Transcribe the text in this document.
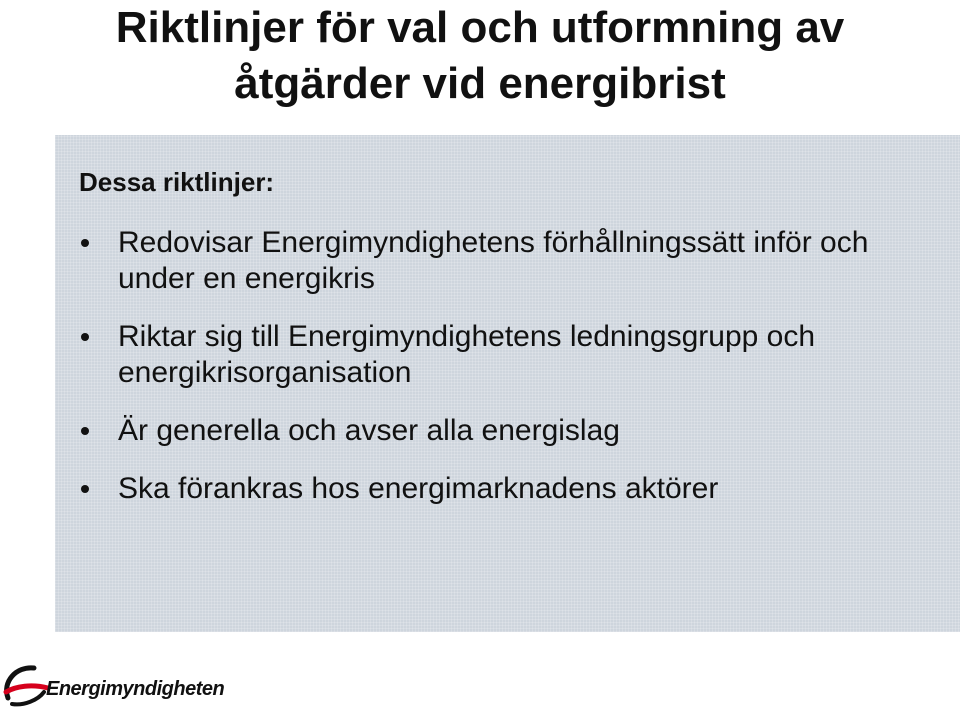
Riktlinjer för val och utformning av
åtgärder vid energibrist
Dessa riktlinjer:
Redovisar Energimyndighetens förhållningssätt inför och under en energikris
Riktar sig till Energimyndighetens ledningsgrupp och energikrisorganisation
Är generella och avser alla energislag
Ska förankras hos energimarknadens aktörer
Energimyndigheten
